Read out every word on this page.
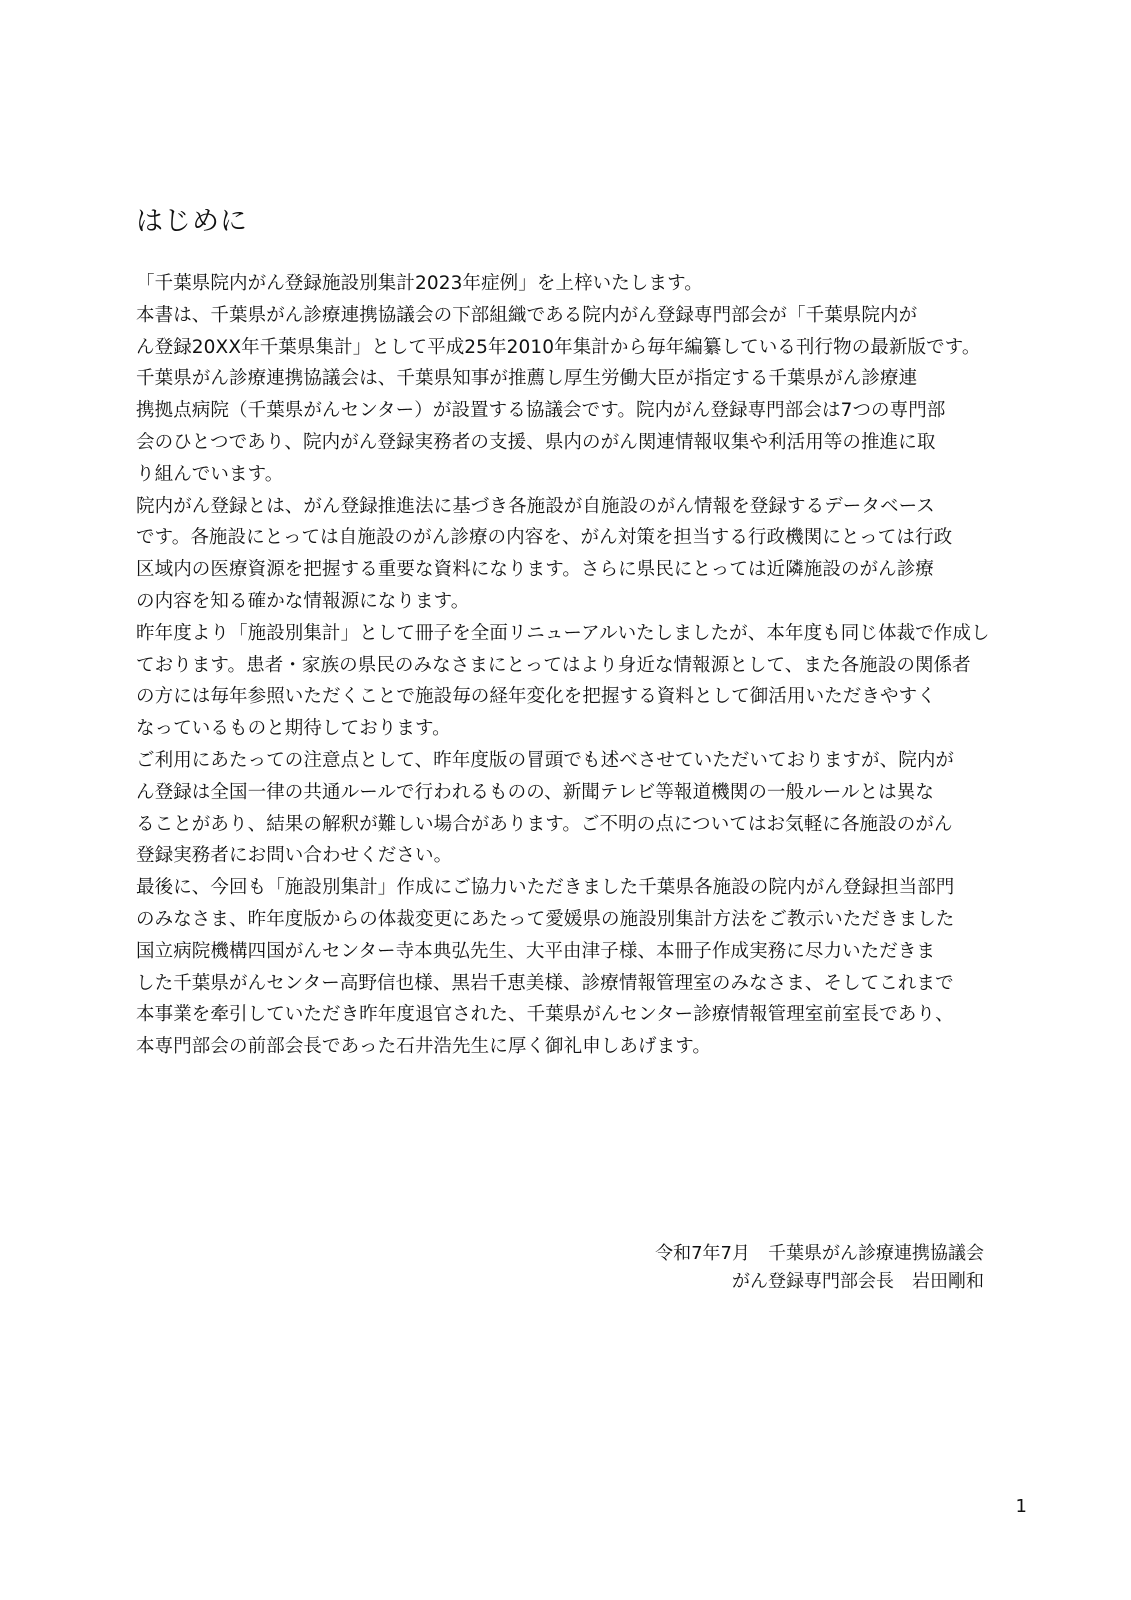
はじめに
「千葉県院内がん登録施設別集計2023年症例」を上梓いたします。
本書は、千葉県がん診療連携協議会の下部組織である院内がん登録専門部会が「千葉県院内が
ん登録20XX年千葉県集計」として平成25年2010年集計から毎年編纂している刊行物の最新版です。
千葉県がん診療連携協議会は、千葉県知事が推薦し厚生労働大臣が指定する千葉県がん診療連
携拠点病院（千葉県がんセンター）が設置する協議会です。院内がん登録専門部会は7つの専門部
会のひとつであり、院内がん登録実務者の支援、県内のがん関連情報収集や利活用等の推進に取
り組んでいます。
院内がん登録とは、がん登録推進法に基づき各施設が自施設のがん情報を登録するデータベース
です。各施設にとっては自施設のがん診療の内容を、がん対策を担当する行政機関にとっては行政
区域内の医療資源を把握する重要な資料になります。さらに県民にとっては近隣施設のがん診療
の内容を知る確かな情報源になります。
昨年度より「施設別集計」として冊子を全面リニューアルいたしましたが、本年度も同じ体裁で作成し
ております。患者・家族の県民のみなさまにとってはより身近な情報源として、また各施設の関係者
の方には毎年参照いただくことで施設毎の経年変化を把握する資料として御活用いただきやすく
なっているものと期待しております。
ご利用にあたっての注意点として、昨年度版の冒頭でも述べさせていただいておりますが、院内が
ん登録は全国一律の共通ルールで行われるものの、新聞テレビ等報道機関の一般ルールとは異な
ることがあり、結果の解釈が難しい場合があります。ご不明の点についてはお気軽に各施設のがん
登録実務者にお問い合わせください。
最後に、今回も「施設別集計」作成にご協力いただきました千葉県各施設の院内がん登録担当部門
のみなさま、昨年度版からの体裁変更にあたって愛媛県の施設別集計方法をご教示いただきました
国立病院機構四国がんセンター寺本典弘先生、大平由津子様、本冊子作成実務に尽力いただきま
した千葉県がんセンター高野信也様、黒岩千恵美様、診療情報管理室のみなさま、そしてこれまで
本事業を牽引していただき昨年度退官された、千葉県がんセンター診療情報管理室前室長であり、
本専門部会の前部会長であった石井浩先生に厚く御礼申しあげます。
令和7年7月　千葉県がん診療連携協議会
がん登録専門部会長　岩田剛和
1
